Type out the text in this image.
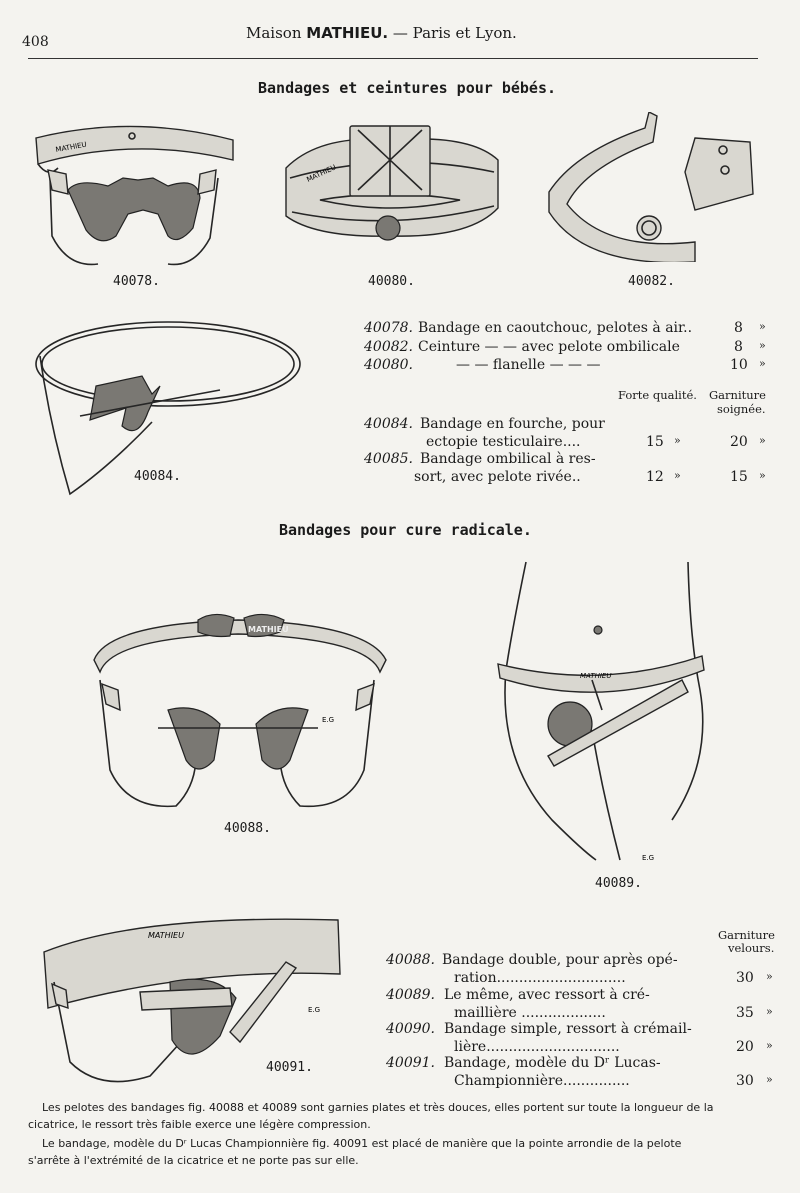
408	Maison MATHIEU. — Paris et Lyon.
Bandages et ceintures pour bébés.
MATHIEU
40078.
MATHIEU
40080.	40082.
40084.
40078. Bandage en caoutchouc, pelotes à air..	8 »
40082. Ceinture — — avec pelote ombilicale	8 »
40080.	— — flanelle — — —	10 »
Forte qualité. Garniture
soignée.
40084. Bandage en fourche, pour
ectopie testiculaire....	15 »	20 »
40085. Bandage ombilical à res-
sort, avec pelote rivée..	12 »	15 »
Bandages pour cure radicale.
MATHIEU
E.G
40088.
MATHIEU
E.G
40089.
MATHIEU
E.G
40091.
Garniture
velours.
40088. Bandage double, pour après opé-
ration.............................	30 »
40089. Le même, avec ressort à cré-
maillière ...................	35 »
40090. Bandage simple, ressort à crémail-
lière..............................	20 »
40091. Bandage, modèle du Dʳ Lucas-
Championnière...............	30 »
Les pelotes des bandages fig. 40088 et 40089 sont garnies plates et très douces, elles portent sur toute la longueur de la
cicatrice, le ressort très faible exerce une légère compression.
Le bandage, modèle du Dʳ Lucas Championnière fig. 40091 est placé de manière que la pointe arrondie de la pelote
s'arrête à l'extrémité de la cicatrice et ne porte pas sur elle.
